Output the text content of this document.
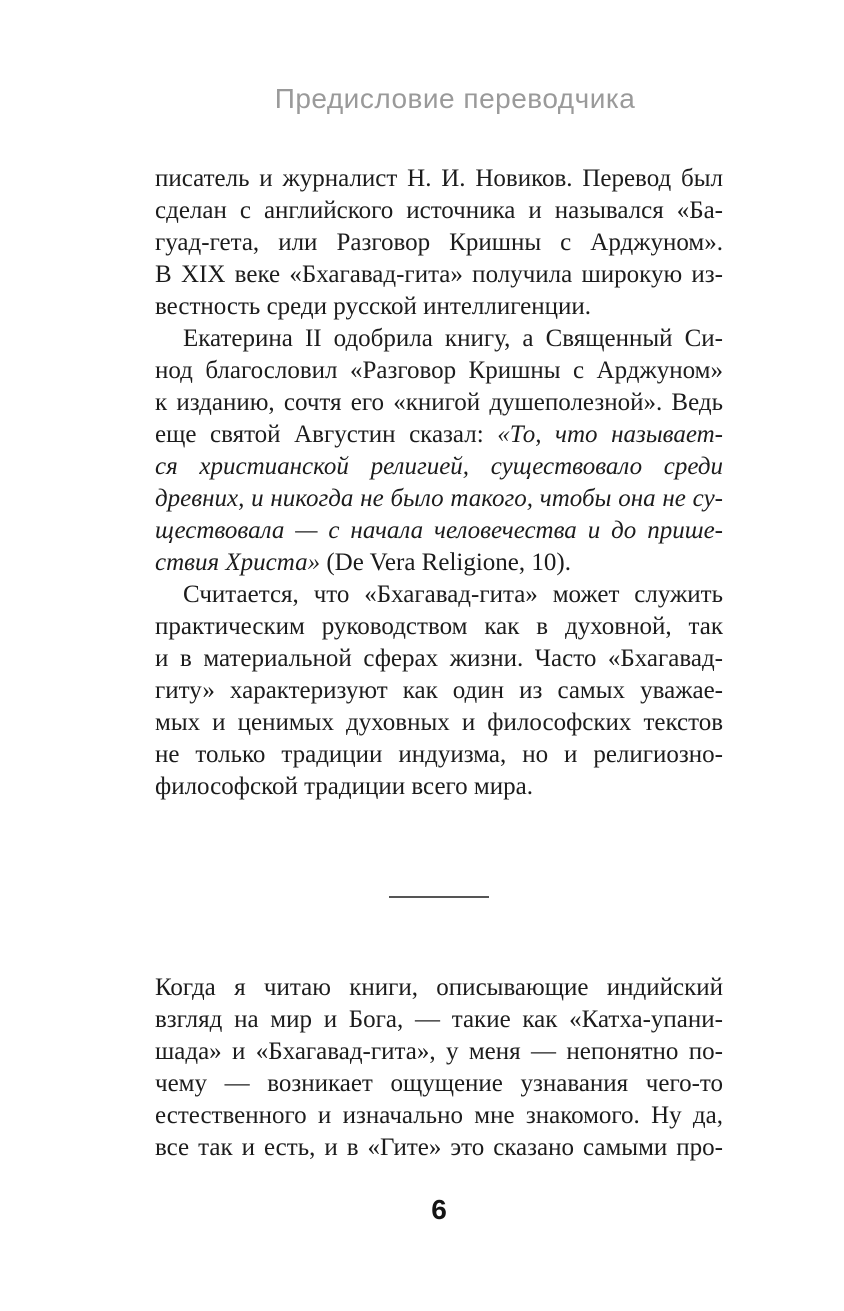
Предисловие переводчика
писатель и журналист Н. И. Новиков. Перевод был
сделан с английского источника и назывался «Ба-
гуад-гета, или Разговор Кришны с Арджуном».
В XIX веке «Бхагавад-гита» получила широкую из-
вестность среди русской интеллигенции.
Екатерина II одобрила книгу, а Священный Си-
нод благословил «Разговор Кришны с Арджуном»
к изданию, сочтя его «книгой душеполезной». Ведь
еще святой Августин сказал: «То, что называет-
ся христианской религией, существовало среди
древних, и никогда не было такого, чтобы она не су-
ществовала — с начала человечества и до прише-
ствия Христа» (De Vera Religione, 10).
Считается, что «Бхагавад-гита» может служить
практическим руководством как в духовной, так
и в материальной сферах жизни. Часто «Бхагавад-
гиту» характеризуют как один из самых уважае-
мых и ценимых духовных и философских текстов
не только традиции индуизма, но и религиозно-
философской традиции всего мира.
Когда я читаю книги, описывающие индийский
взгляд на мир и Бога, — такие как «Катха-упани-
шада» и «Бхагавад-гита», у меня — непонятно по-
чему — возникает ощущение узнавания чего-то
естественного и изначально мне знакомого. Ну да,
все так и есть, и в «Гите» это сказано самыми про-
6
